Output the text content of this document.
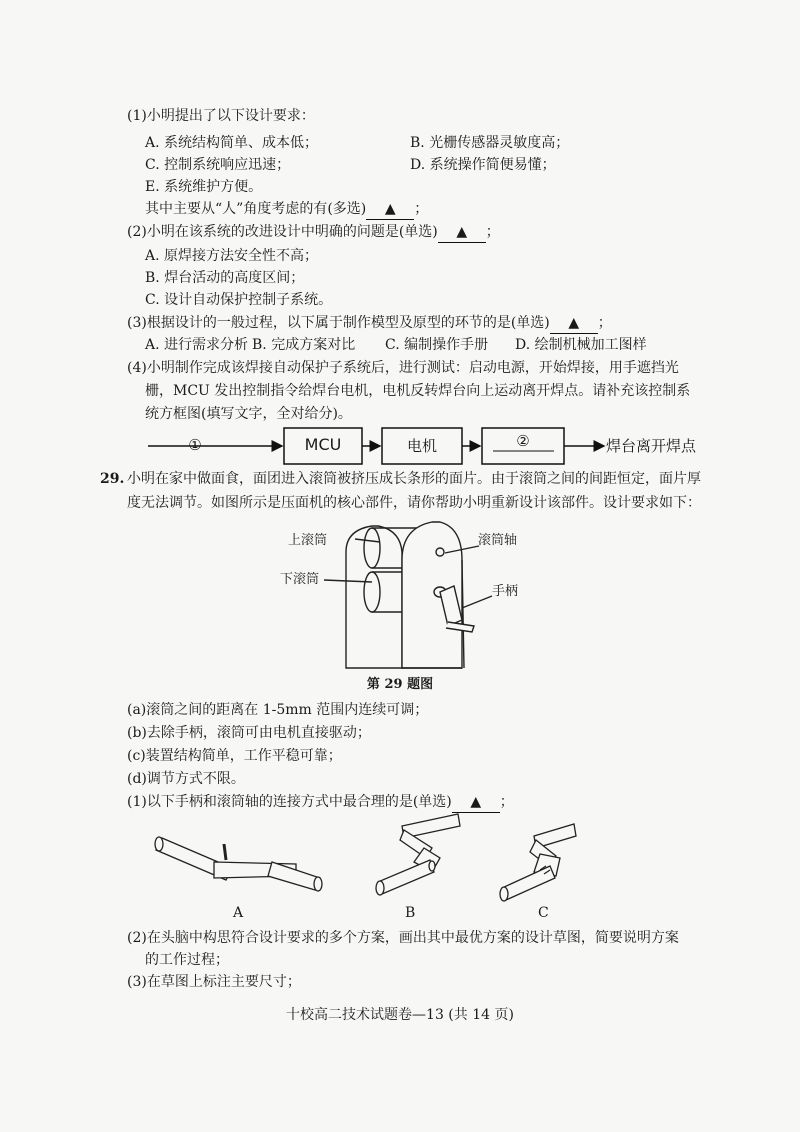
(1)小明提出了以下设计要求：
A. 系统结构简单、成本低；	B. 光栅传感器灵敏度高；
C. 控制系统响应迅速；	D. 系统操作简便易懂；
E. 系统维护方便。
其中主要从“人”角度考虑的有(多选) ▲ ；
(2)小明在该系统的改进设计中明确的问题是(单选) ▲ ；
A. 原焊接方法安全性不高；
B. 焊台活动的高度区间；
C. 设计自动保护控制子系统。
(3)根据设计的一般过程，以下属于制作模型及原型的环节的是(单选) ▲ ；
A. 进行需求分析 B. 完成方案对比 C. 编制操作手册 D. 绘制机械加工图样
(4)小明制作完成该焊接自动保护子系统后，进行测试：启动电源，开始焊接，用手遮挡光
栅，MCU 发出控制指令给焊台电机，电机反转焊台向上运动离开焊点。请补充该控制系
统方框图(填写文字，全对给分)。
①	MCU	电机	②	焊台离开焊点
29. 小明在家中做面食，面团进入滚筒被挤压成长条形的面片。由于滚筒之间的间距恒定，面片厚
度无法调节。如图所示是压面机的核心部件，请你帮助小明重新设计该部件。设计要求如下：
上滚筒
下滚筒
滚筒轴
手柄
第 29 题图
(a)滚筒之间的距离在 1-5mm 范围内连续可调；
(b)去除手柄，滚筒可由电机直接驱动；
(c)装置结构简单，工作平稳可靠；
(d)调节方式不限。
(1)以下手柄和滚筒轴的连接方式中最合理的是(单选) ▲ ；
A	B	C
(2)在头脑中构思符合设计要求的多个方案，画出其中最优方案的设计草图，简要说明方案
的工作过程；
(3)在草图上标注主要尺寸；
十校高二技术试题卷—13 (共 14 页)
